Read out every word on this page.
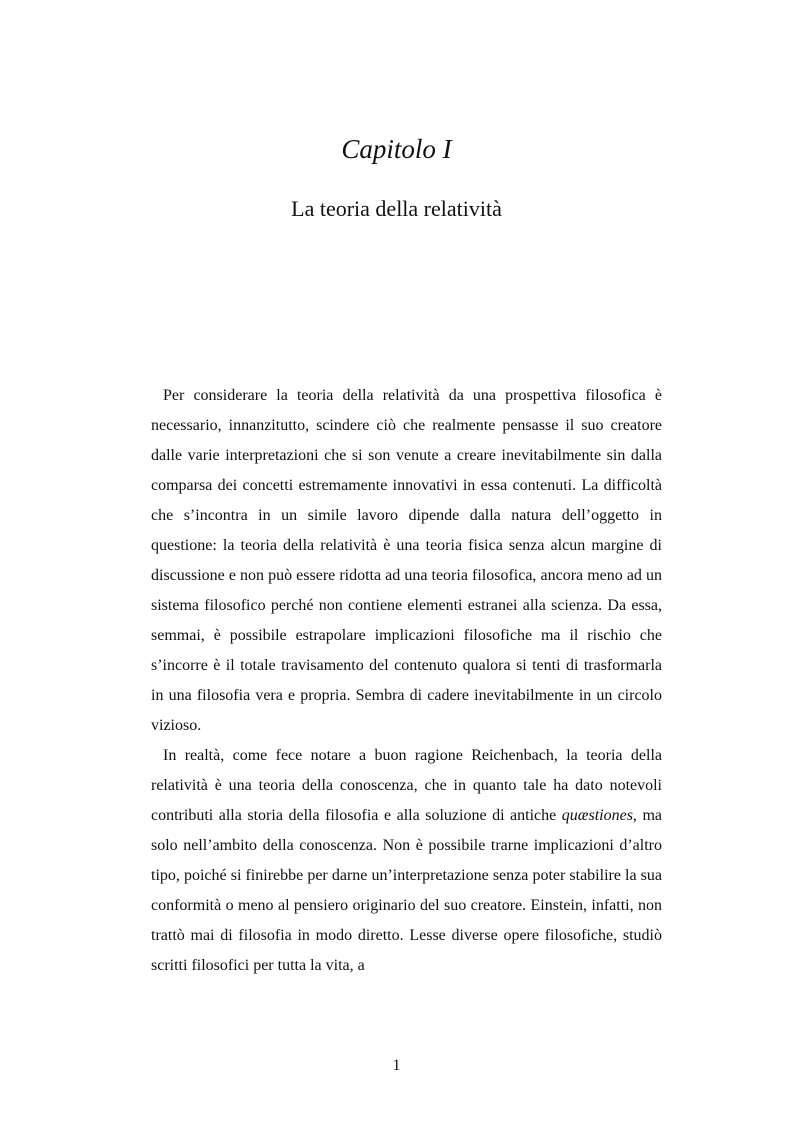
Capitolo I
La teoria della relatività

Per considerare la teoria della relatività da una prospettiva filosofica è necessario, innanzitutto, scindere ciò che realmente pensasse il suo creatore dalle varie interpretazioni che si son venute a creare inevitabilmente sin dalla comparsa dei concetti estremamente innovativi in essa contenuti. La difficoltà che s’incontra in un simile lavoro dipende dalla natura dell’oggetto in questione: la teoria della relatività è una teoria fisica senza alcun margine di discussione e non può essere ridotta ad una teoria filosofica, ancora meno ad un sistema filosofico perché non contiene elementi estranei alla scienza. Da essa, semmai, è possibile estrapolare implicazioni filosofiche ma il rischio che s’incorre è il totale travisamento del contenuto qualora si tenti di trasformarla in una filosofia vera e propria. Sembra di cadere inevitabilmente in un circolo vizioso.

In realtà, come fece notare a buon ragione Reichenbach, la teoria della relatività è una teoria della conoscenza, che in quanto tale ha dato notevoli contributi alla storia della filosofia e alla soluzione di antiche quæstiones, ma solo nell’ambito della conoscenza. Non è possibile trarne implicazioni d’altro tipo, poiché si finirebbe per darne un’interpretazione senza poter stabilire la sua conformità o meno al pensiero originario del suo creatore. Einstein, infatti, non trattò mai di filosofia in modo diretto. Lesse diverse opere filosofiche, studiò scritti filosofici per tutta la vita, a

1
